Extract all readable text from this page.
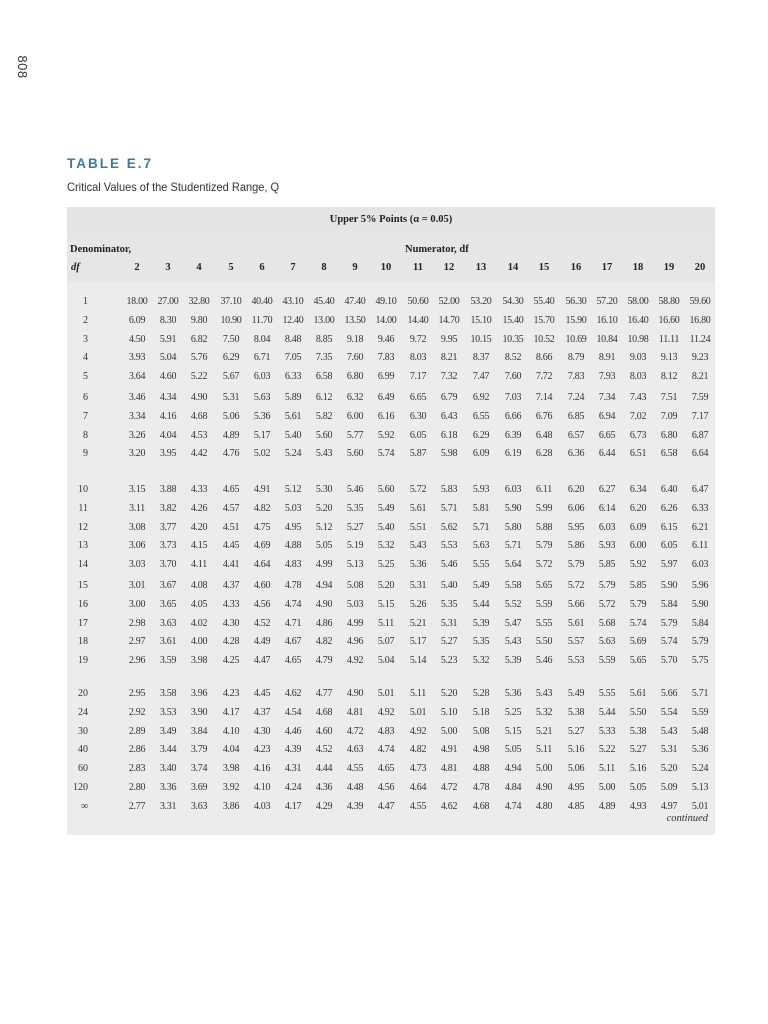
808
TABLE E.7
Critical Values of the Studentized Range, Q
Upper 5% Points (α = 0.05)
Denominator,
df
Numerator, df
2	3	4	5	6	7	8	9	10	11	12	13	14	15	16	17	18	19	20
1	18.00 27.00 32.80	37.10 40.40 43.10 45.40 47.40 49.10	50.60 52.00	53.20	54.30 55.40	56.30 57.20 58.00 58.80 59.60
2	6.09	8.30	9.80	10.90	11.70	12.40 13.00 13.50 14.00	14.40 14.70	15.10	15.40 15.70	15.90 16.10 16.40 16.60 16.80
3	4.50	5.91	6.82	7.50	8.04	8.48	8.85	9.18	9.46	9.72	9.95	10.15	10.35 10.52	10.69 10.84 10.98	11.11	11.24
4	3.93	5.04	5.76	6.29	6.71	7.05	7.35	7.60	7.83	8.03	8.21	8.37	8.52	8.66	8.79	8.91	9.03	9.13	9.23
5	3.64	4.60	5.22	5.67	6.03	6.33	6.58	6.80	6.99	7.17	7.32	7.47	7.60	7.72	7.83	7.93	8.03	8.12	8.21
6	3.46	4.34	4.90	5.31	5.63	5.89	6.12	6.32	6.49	6.65	6.79	6.92	7.03	7.14	7.24	7.34	7.43	7.51	7.59
7	3.34	4.16	4.68	5.06	5.36	5.61	5.82	6.00	6.16	6.30	6.43	6.55	6.66	6.76	6.85	6.94	7.02	7.09	7.17
8	3.26	4.04	4.53	4.89	5.17	5.40	5.60	5.77	5.92	6.05	6.18	6.29	6.39	6.48	6.57	6.65	6.73	6.80	6.87
9	3.20	3.95	4.42	4.76	5.02	5.24	5.43	5.60	5.74	5.87	5.98	6.09	6.19	6.28	6.36	6.44	6.51	6.58	6.64
10	3.15	3.88	4.33	4.65	4.91	5.12	5.30	5.46	5.60	5.72	5.83	5.93	6.03	6.11	6.20	6.27	6.34	6.40	6.47
11	3.11	3.82	4.26	4.57	4.82	5.03	5.20	5.35	5.49	5.61	5.71	5.81	5.90	5.99	6.06	6.14	6.20	6.26	6.33
12	3.08	3.77	4.20	4.51	4.75	4.95	5.12	5.27	5.40	5.51	5.62	5.71	5.80	5.88	5.95	6.03	6.09	6.15	6.21
13	3.06	3.73	4.15	4.45	4.69	4.88	5.05	5.19	5.32	5.43	5.53	5.63	5.71	5.79	5.86	5.93	6.00	6.05	6.11
14	3.03	3.70	4.11	4.41	4.64	4.83	4.99	5.13	5.25	5.36	5.46	5.55	5.64	5.72	5.79	5.85	5.92	5.97	6.03
15	3.01	3.67	4.08	4.37	4.60	4.78	4.94	5.08	5.20	5.31	5.40	5.49	5.58	5.65	5.72	5.79	5.85	5.90	5.96
16	3.00	3.65	4.05	4.33	4.56	4.74	4.90	5.03	5.15	5.26	5.35	5.44	5.52	5.59	5.66	5.72	5.79	5.84	5.90
17	2.98	3.63	4.02	4.30	4.52	4.71	4.86	4.99	5.11	5.21	5.31	5.39	5.47	5.55	5.61	5.68	5.74	5.79	5.84
18	2.97	3.61	4.00	4.28	4.49	4.67	4.82	4.96	5.07	5.17	5.27	5.35	5.43	5.50	5.57	5.63	5.69	5.74	5.79
19	2.96	3.59	3.98	4.25	4.47	4.65	4.79	4.92	5.04	5.14	5.23	5.32	5.39	5.46	5.53	5.59	5.65	5.70	5.75
20	2.95	3.58	3.96	4.23	4.45	4.62	4.77	4.90	5.01	5.11	5.20	5.28	5.36	5.43	5.49	5.55	5.61	5.66	5.71
24	2.92	3.53	3.90	4.17	4.37	4.54	4.68	4.81	4.92	5.01	5.10	5.18	5.25	5.32	5.38	5.44	5.50	5.54	5.59
30	2.89	3.49	3.84	4.10	4.30	4.46	4.60	4.72	4.83	4.92	5.00	5.08	5.15	5.21	5.27	5.33	5.38	5.43	5.48
40	2.86	3.44	3.79	4.04	4.23	4.39	4.52	4.63	4.74	4.82	4.91	4.98	5.05	5.11	5.16	5.22	5.27	5.31	5.36
60	2.83	3.40	3.74	3.98	4.16	4.31	4.44	4.55	4.65	4.73	4.81	4.88	4.94	5.00	5.06	5.11	5.16	5.20	5.24
120	2.80	3.36	3.69	3.92	4.10	4.24	4.36	4.48	4.56	4.64	4.72	4.78	4.84	4.90	4.95	5.00	5.05	5.09	5.13
∞	2.77	3.31	3.63	3.86	4.03	4.17	4.29	4.39	4.47	4.55	4.62	4.68	4.74	4.80	4.85	4.89	4.93	4.97	5.01
continued
